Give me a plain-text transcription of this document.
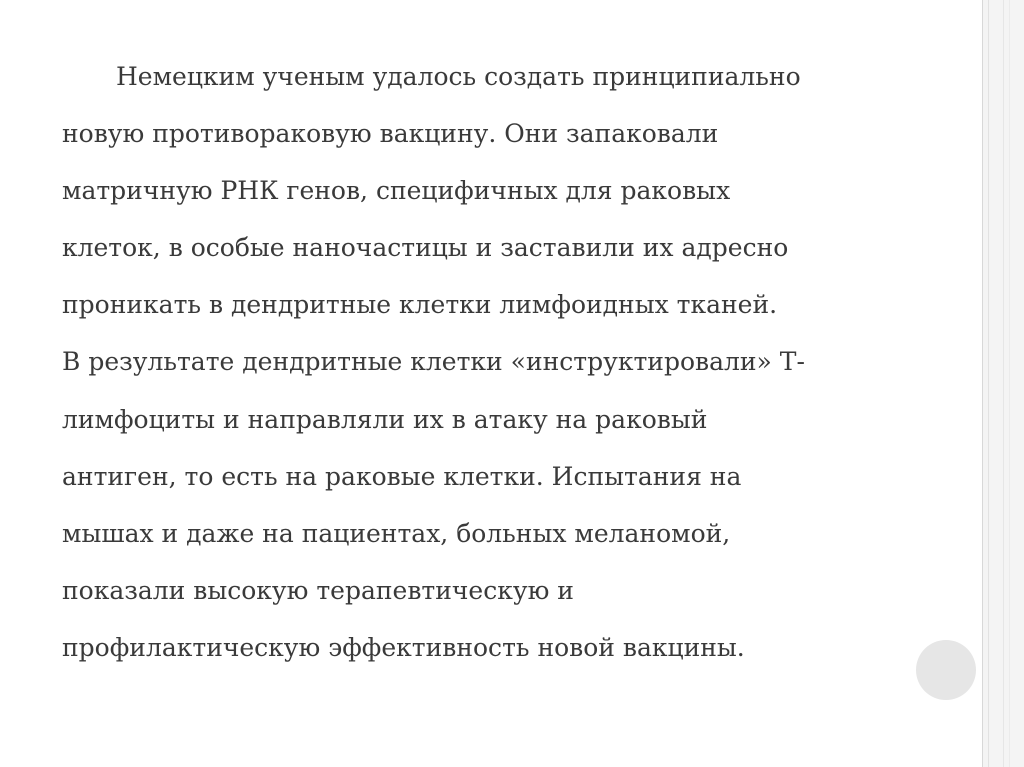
Немецким ученым удалось создать принципиально
новую противораковую вакцину. Они запаковали
матричную РНК генов, специфичных для раковых
клеток, в особые наночастицы и заставили их адресно
проникать в дендритные клетки лимфоидных тканей.
В результате дендритные клетки «инструктировали» Т-
лимфоциты и направляли их в атаку на раковый
антиген, то есть на раковые клетки. Испытания на
мышах и даже на пациентах, больных меланомой,
показали высокую терапевтическую и
профилактическую эффективность новой вакцины.
